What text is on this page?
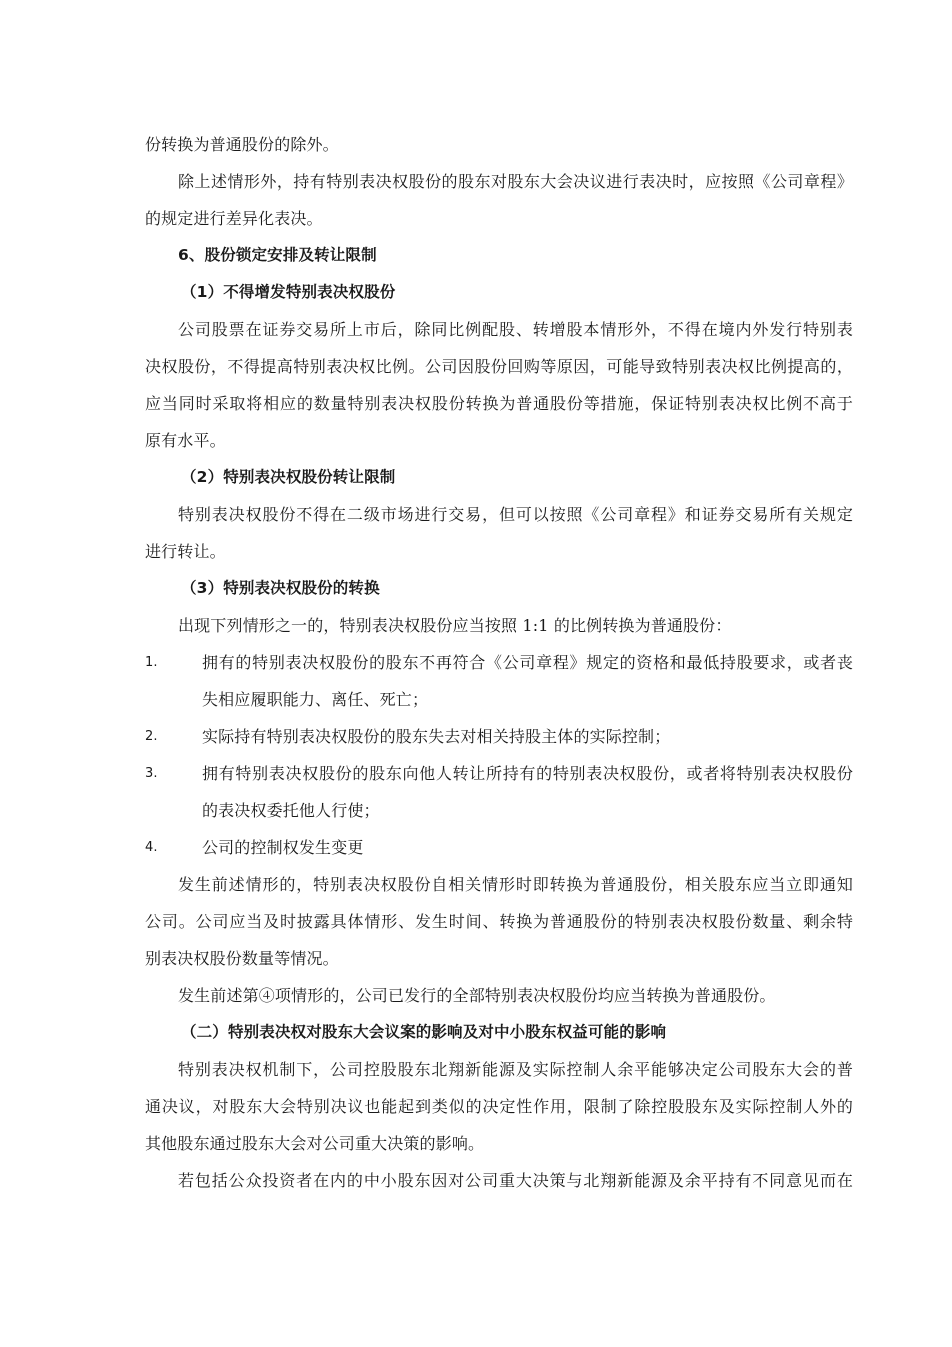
份转换为普通股份的除外。
除上述情形外，持有特别表决权股份的股东对股东大会决议进行表决时，应按照《公司章程》
的规定进行差异化表决。
6、股份锁定安排及转让限制
（1）不得增发特别表决权股份
公司股票在证券交易所上市后，除同比例配股、转增股本情形外，不得在境内外发行特别表
决权股份，不得提高特别表决权比例。公司因股份回购等原因，可能导致特别表决权比例提高的，
应当同时采取将相应的数量特别表决权股份转换为普通股份等措施，保证特别表决权比例不高于
原有水平。
（2）特别表决权股份转让限制
特别表决权股份不得在二级市场进行交易，但可以按照《公司章程》和证券交易所有关规定
进行转让。
（3）特别表决权股份的转换
出现下列情形之一的，特别表决权股份应当按照 1:1 的比例转换为普通股份：
1.	拥有的特别表决权股份的股东不再符合《公司章程》规定的资格和最低持股要求，或者丧
失相应履职能力、离任、死亡；
2.	实际持有特别表决权股份的股东失去对相关持股主体的实际控制；
3.	拥有特别表决权股份的股东向他人转让所持有的特别表决权股份，或者将特别表决权股份
的表决权委托他人行使；
4.	公司的控制权发生变更
发生前述情形的，特别表决权股份自相关情形时即转换为普通股份，相关股东应当立即通知
公司。公司应当及时披露具体情形、发生时间、转换为普通股份的特别表决权股份数量、剩余特
别表决权股份数量等情况。
发生前述第④项情形的，公司已发行的全部特别表决权股份均应当转换为普通股份。
（二）特别表决权对股东大会议案的影响及对中小股东权益可能的影响
特别表决权机制下，公司控股股东北翔新能源及实际控制人余平能够决定公司股东大会的普
通决议，对股东大会特别决议也能起到类似的决定性作用，限制了除控股股东及实际控制人外的
其他股东通过股东大会对公司重大决策的影响。
若包括公众投资者在内的中小股东因对公司重大决策与北翔新能源及余平持有不同意见而在
